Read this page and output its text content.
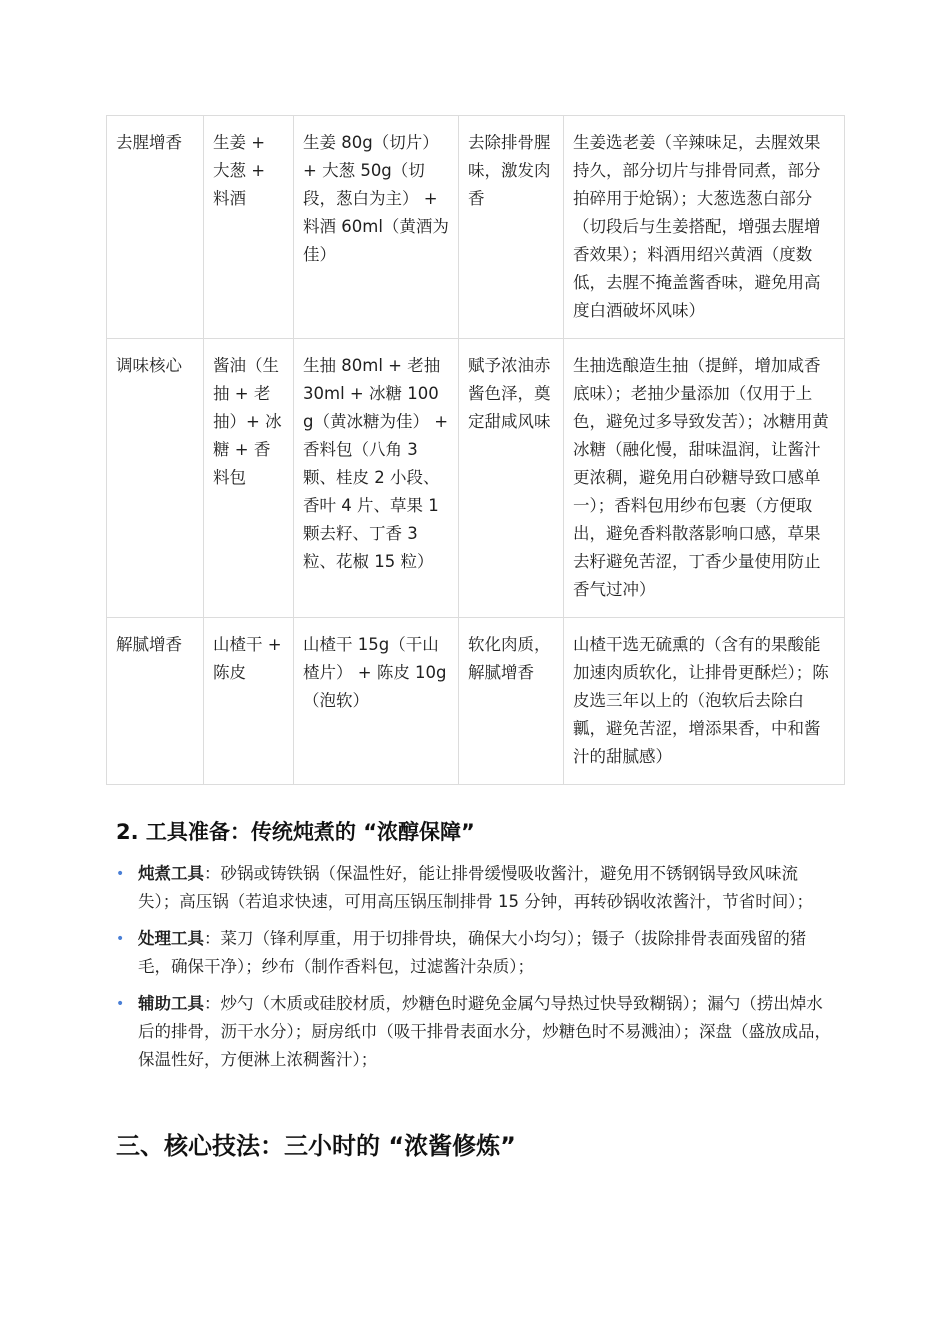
去腥增香	生姜 + 大葱 + 料酒	生姜 80g（切片） + 大葱 50g（切段，葱白为主） + 料酒 60ml（黄酒为佳）	去除排骨腥味，激发肉香	生姜选老姜（辛辣味足，去腥效果持久，部分切片与排骨同煮，部分拍碎用于炝锅）；大葱选葱白部分（切段后与生姜搭配，增强去腥增香效果）；料酒用绍兴黄酒（度数低，去腥不掩盖酱香味，避免用高度白酒破坏风味）
调味核心	酱油（生抽 + 老抽）+ 冰糖 + 香料包	生抽 80ml + 老抽 30ml + 冰糖 100g（黄冰糖为佳） + 香料包（八角 3 颗、桂皮 2 小段、香叶 4 片、草果 1 颗去籽、丁香 3 粒、花椒 15 粒）	赋予浓油赤酱色泽，奠定甜咸风味	生抽选酿造生抽（提鲜，增加咸香底味）；老抽少量添加（仅用于上色，避免过多导致发苦）；冰糖用黄冰糖（融化慢，甜味温润，让酱汁更浓稠，避免用白砂糖导致口感单一）；香料包用纱布包裹（方便取出，避免香料散落影响口感，草果去籽避免苦涩，丁香少量使用防止香气过冲）
解腻增香	山楂干 + 陈皮	山楂干 15g（干山楂片） + 陈皮 10g（泡软）	软化肉质，解腻增香	山楂干选无硫熏的（含有的果酸能加速肉质软化，让排骨更酥烂）；陈皮选三年以上的（泡软后去除白瓤，避免苦涩，增添果香，中和酱汁的甜腻感）
2. 工具准备：传统炖煮的 “浓醇保障”
• 炖煮工具：砂锅或铸铁锅（保温性好，能让排骨缓慢吸收酱汁，避免用不锈钢锅导致风味流失）；高压锅（若追求快速，可用高压锅压制排骨 15 分钟，再转砂锅收浓酱汁，节省时间）；
• 处理工具：菜刀（锋利厚重，用于切排骨块，确保大小均匀）；镊子（拔除排骨表面残留的猪毛，确保干净）；纱布（制作香料包，过滤酱汁杂质）；
• 辅助工具：炒勺（木质或硅胶材质，炒糖色时避免金属勺导热过快导致糊锅）；漏勺（捞出焯水后的排骨，沥干水分）；厨房纸巾（吸干排骨表面水分，炒糖色时不易溅油）；深盘（盛放成品，保温性好，方便淋上浓稠酱汁）；
三、核心技法：三小时的 “浓酱修炼”
